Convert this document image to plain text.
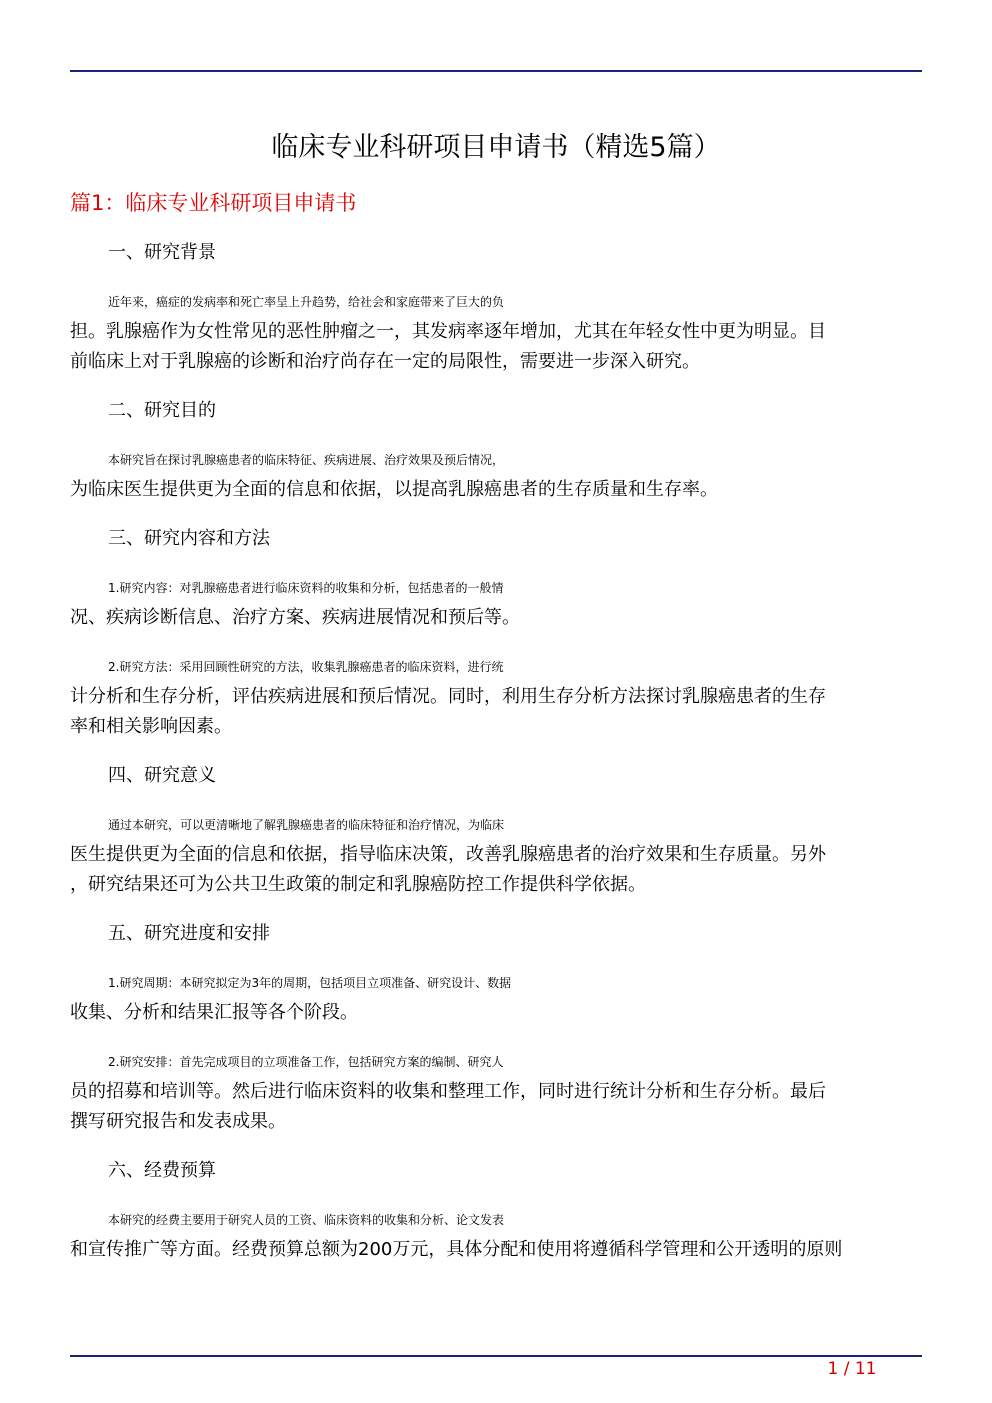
临床专业科研项目申请书（精选5篇）
篇1：临床专业科研项目申请书
一、研究背景
近年来，癌症的发病率和死亡率呈上升趋势，给社会和家庭带来了巨大的负
担。乳腺癌作为女性常见的恶性肿瘤之一，其发病率逐年增加，尤其在年轻女性中更为明显。目
前临床上对于乳腺癌的诊断和治疗尚存在一定的局限性，需要进一步深入研究。
二、研究目的
本研究旨在探讨乳腺癌患者的临床特征、疾病进展、治疗效果及预后情况，
为临床医生提供更为全面的信息和依据，以提高乳腺癌患者的生存质量和生存率。
三、研究内容和方法
1.研究内容：对乳腺癌患者进行临床资料的收集和分析，包括患者的一般情
况、疾病诊断信息、治疗方案、疾病进展情况和预后等。
2.研究方法：采用回顾性研究的方法，收集乳腺癌患者的临床资料，进行统
计分析和生存分析，评估疾病进展和预后情况。同时，利用生存分析方法探讨乳腺癌患者的生存
率和相关影响因素。
四、研究意义
通过本研究，可以更清晰地了解乳腺癌患者的临床特征和治疗情况，为临床
医生提供更为全面的信息和依据，指导临床决策，改善乳腺癌患者的治疗效果和生存质量。另外
，研究结果还可为公共卫生政策的制定和乳腺癌防控工作提供科学依据。
五、研究进度和安排
1.研究周期：本研究拟定为3年的周期，包括项目立项准备、研究设计、数据
收集、分析和结果汇报等各个阶段。
2.研究安排：首先完成项目的立项准备工作，包括研究方案的编制、研究人
员的招募和培训等。然后进行临床资料的收集和整理工作，同时进行统计分析和生存分析。最后
撰写研究报告和发表成果。
六、经费预算
本研究的经费主要用于研究人员的工资、临床资料的收集和分析、论文发表
和宣传推广等方面。经费预算总额为200万元，具体分配和使用将遵循科学管理和公开透明的原则
1 / 11
